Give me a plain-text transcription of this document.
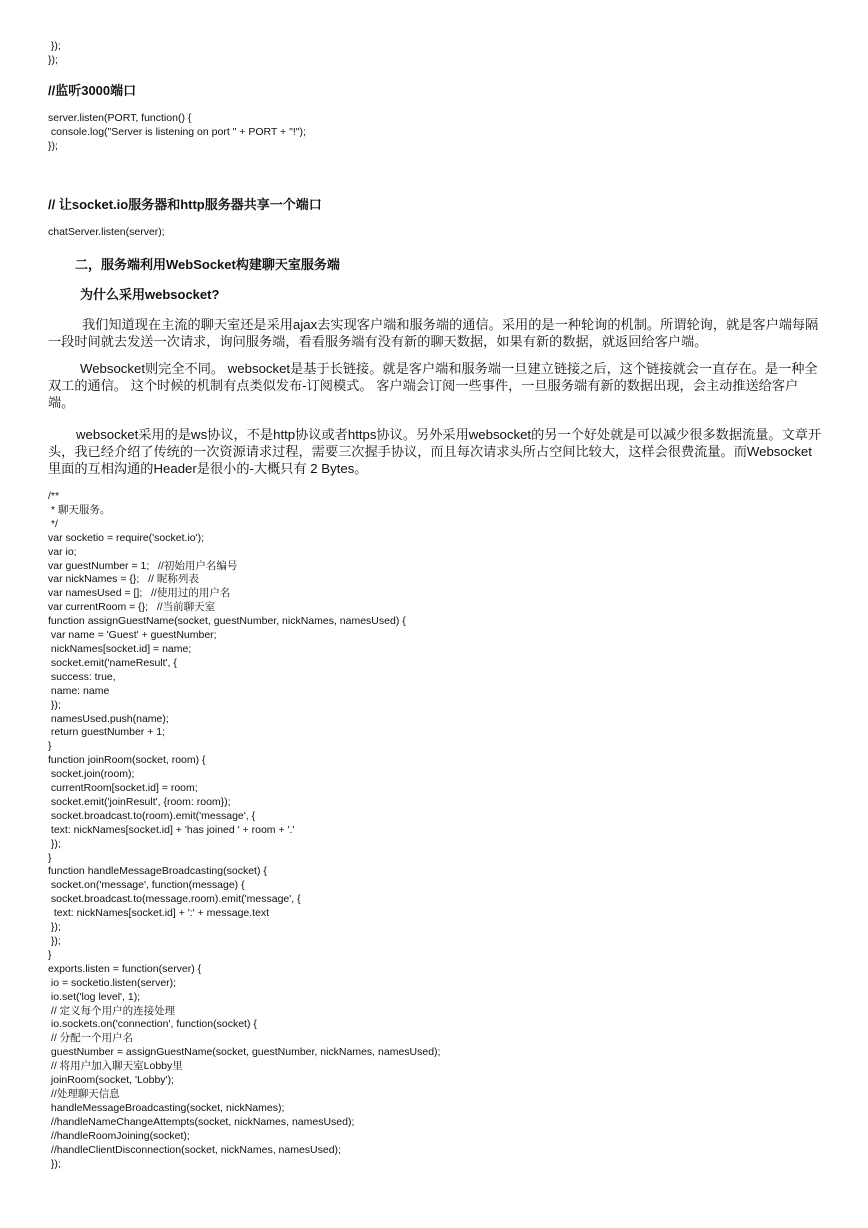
});
});
//监听3000端口
server.listen(PORT, function() {
console.log("Server is listening on port " + PORT + "!");
});
// 让socket.io服务器和http服务器共享一个端口
chatServer.listen(server);
二，服务端利用WebSocket构建聊天室服务端
为什么采用websocket?

我们知道现在主流的聊天室还是采用ajax去实现客户端和服务端的通信。采用的是一种轮询的机制。所谓轮询，就是客户端每隔一段时间就去发送一次请求，询问服务端，看看服务端有没有新的聊天数据，如果有新的数据，就返回给客户端。

Websocket则完全不同。 websocket是基于长链接。就是客户端和服务端一旦建立链接之后，这个链接就会一直存在。是一种全双工的通信。 这个时候的机制有点类似发布-订阅模式。 客户端会订阅一些事件，一旦服务端有新的数据出现，会主动推送给客户端。

websocket采用的是ws协议，不是http协议或者https协议。另外采用websocket的另一个好处就是可以减少很多数据流量。文章开头，我已经介绍了传统的一次资源请求过程，需要三次握手协议，而且每次请求头所占空间比较大，这样会很费流量。而Websocket里面的互相沟通的Header是很小的-大概只有 2 Bytes。

/**
* 聊天服务。
*/
var socketio = require('socket.io');
var io;
var guestNumber = 1;   //初始用户名编号
var nickNames = {};   // 昵称列表
var namesUsed = [];   //使用过的用户名
var currentRoom = {};   //当前聊天室
function assignGuestName(socket, guestNumber, nickNames, namesUsed) {
var name = 'Guest' + guestNumber;
nickNames[socket.id] = name;
socket.emit('nameResult', {
success: true,
name: name
});
namesUsed.push(name);
return guestNumber + 1;
}
function joinRoom(socket, room) {
socket.join(room);
currentRoom[socket.id] = room;
socket.emit('joinResult', {room: room});
socket.broadcast.to(room).emit('message', {
text: nickNames[socket.id] + 'has joined ' + room + '.'
});
}
function handleMessageBroadcasting(socket) {
socket.on('message', function(message) {
socket.broadcast.to(message.room).emit('message', {
text: nickNames[socket.id] + ':' + message.text
});
});
}
exports.listen = function(server) {
io = socketio.listen(server);
io.set('log level', 1);
// 定义每个用户的连接处理
io.sockets.on('connection', function(socket) {
// 分配一个用户名
guestNumber = assignGuestName(socket, guestNumber, nickNames, namesUsed);
// 将用户加入聊天室Lobby里
joinRoom(socket, 'Lobby');
//处理聊天信息
handleMessageBroadcasting(socket, nickNames);
//handleNameChangeAttempts(socket, nickNames, namesUsed);
//handleRoomJoining(socket);
//handleClientDisconnection(socket, nickNames, namesUsed);
});
